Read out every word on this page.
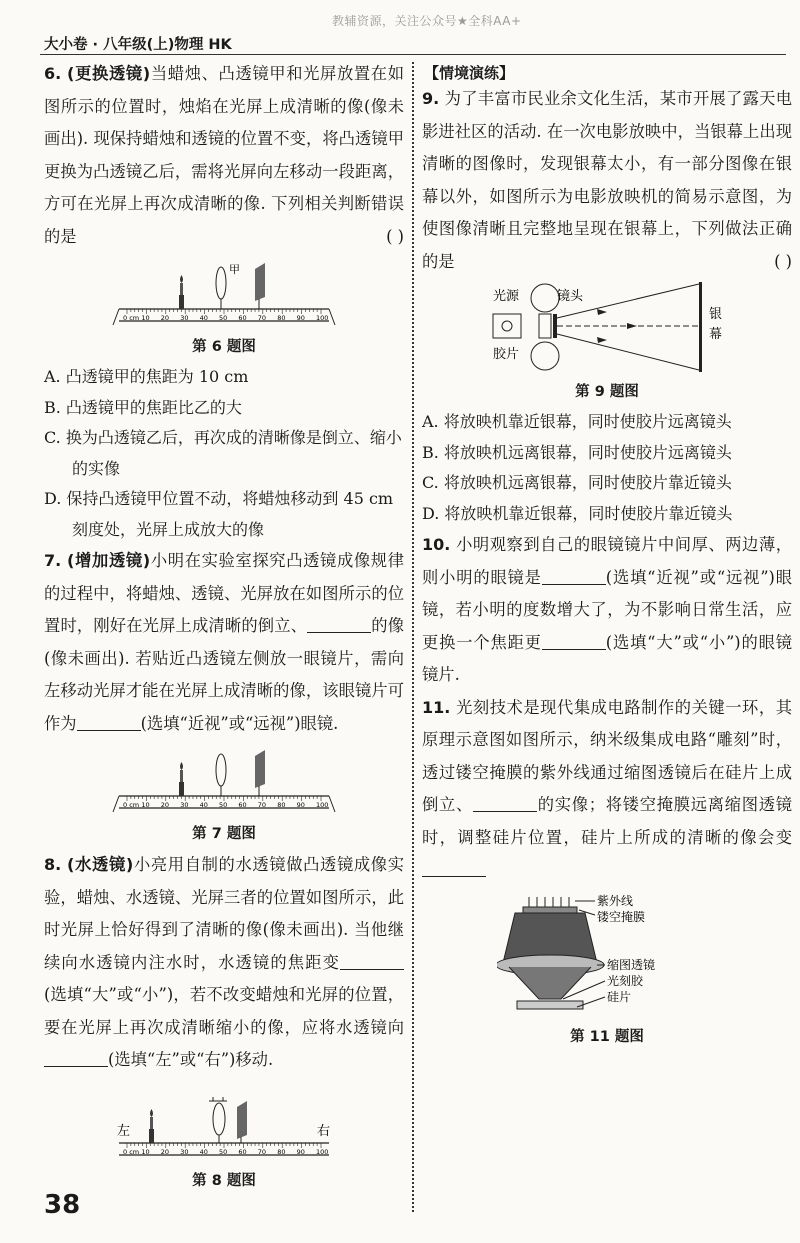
教辅资源，关注公众号★全科AA+
大小卷 · 八年级(上)物理 HK

6. (更换透镜)当蜡烛、凸透镜甲和光屏放置在如图所示的位置时，烛焰在光屏上成清晰的像(像未画出). 现保持蜡烛和透镜的位置不变，将凸透镜甲更换为凸透镜乙后，需将光屏向左移动一段距离，方可在光屏上再次成清晰的像. 下列相关判断错误的是	( )

0 cm 10 20 30 40 50 60 70 80 90 100
甲
第 6 题图

A. 凸透镜甲的焦距为 10 cm

B. 凸透镜甲的焦距比乙的大

C. 换为凸透镜乙后，再次成的清晰像是倒立、缩小的实像

D. 保持凸透镜甲位置不动，将蜡烛移动到 45 cm 刻度处，光屏上成放大的像

7. (增加透镜)小明在实验室探究凸透镜成像规律的过程中，将蜡烛、透镜、光屏放在如图所示的位置时，刚好在光屏上成清晰的倒立、	的像(像未画出). 若贴近凸透镜左侧放一眼镜片，需向左移动光屏才能在光屏上成清晰的像，该眼镜片可作为	(选填“近视”或“远视”)眼镜.

0 cm 10 20 30 40 50 60 70 80 90 100
第 7 题图

8. (水透镜)小亮用自制的水透镜做凸透镜成像实验，蜡烛、水透镜、光屏三者的位置如图所示，此时光屏上恰好得到了清晰的像(像未画出). 当他继续向水透镜内注水时，水透镜的焦距变(选填“大”或“小”)，若不改变蜡烛和光屏的位置，要在光屏上再次成清晰缩小的像，应将水透镜向(选填“左”或“右”)移动.

左	右
0 cm 10 20 30 40 50 60 70 80 90 100
第 8 题图
【情境演练】

9. 为了丰富市民业余文化生活，某市开展了露天电影进社区的活动. 在一次电影放映中，当银幕上出现清晰的图像时，发现银幕太小，有一部分图像在银幕以外，如图所示为电影放映机的简易示意图，为使图像清晰且完整地呈现在银幕上，下列做法正确的是	( )

光源	镜头
胶片
银
幕
第 9 题图

A. 将放映机靠近银幕，同时使胶片远离镜头

B. 将放映机远离银幕，同时使胶片远离镜头

C. 将放映机远离银幕，同时使胶片靠近镜头

D. 将放映机靠近银幕，同时使胶片靠近镜头

10. 小明观察到自己的眼镜镜片中间厚、两边薄，则小明的眼镜是	(选填“近视”或“远视”)眼镜，若小明的度数增大了，为不影响日常生活，应更换一个焦距更	(选填“大”或“小”)的眼镜镜片.

11. 光刻技术是现代集成电路制作的关键一环，其原理示意图如图所示，纳米级集成电路“雕刻”时，透过镂空掩膜的紫外线通过缩图透镜后在硅片上成倒立、	的实像；将镂空掩膜远离缩图透镜时，调整硅片位置，硅片上所成的清晰的像会变

紫外线
镂空掩膜
缩图透镜
光刻胶
硅片
第 11 题图
38
